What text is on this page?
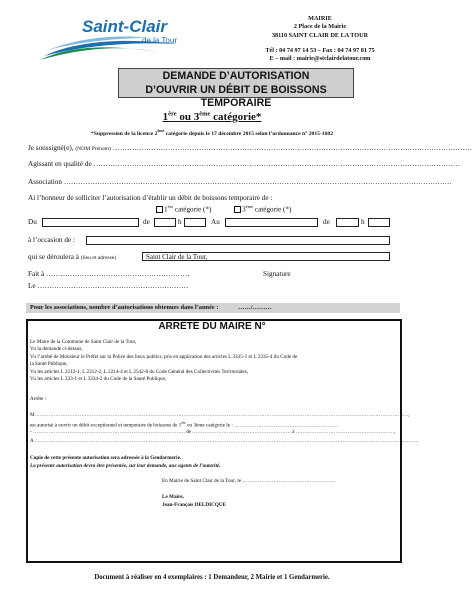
Saint-Clair
de la Tour
MAIRIE
2 Place de la Mairie
38110 SAINT CLAIR DE LA TOUR
Tél : 04 74 97 14 53 – Fax : 04 74 97 81 75
E – mail : mairie@stclairdelatour.com
DEMANDE D’AUTORISATION
D’OUVRIR UN DÉBIT DE BOISSONS TEMPORAIRE
1ère ou 3ème catégorie*
*Suppression de la licence 2ème catégorie depuis le 17 décembre 2015 selon l’ordonnance n° 2015-1682
Je soussigné(e), (NOM Prénom) ……………………………………………………………………………………………………………………………………
Agissant en qualité de ………………………………………………………………………………………………………………………………………
Association ………………………………………………………………………………………………………………………………………………
Ai l’honneur de solliciter l’autorisation d’établir un débit de boissons temporaire de :
1ère catégorie (*)	3ème catégorie (*)
Du	de	h	Au	de	h
à l’occasion de :
qui se déroulera à (lieu et adresse)	Saint Clair de la Tour,
Fait à ……………………………………………………	Signature
Le ………………………………………………………
Pour les associations, nombre d’autorisations obtenues dans l’année :	……/………
ARRÊTÉ DU MAIRE N°
Le Maire de la Commune de Saint Clair de la Tour,
Vu la demande ci-dessus,
Vu l’arrêté de Monsieur le Préfet sur la Police des lieux publics, pris en application des articles L 3335-1 et L 3335-4 du Code de
la Santé Publique,
Vu les articles L 2212-1, L 2212-2, L 2214-4 et L 2542-8 du Code Général des Collectivités Territoriales,
Vu les articles L 333-1 et L 3334-2 du Code de la Santé Publique,
Arrête :
M………………………………………………………………………………………………………………………………………………………………………………………………,
est autorisé à ouvrir un débit exceptionnel et temporaire de boissons de 1ère ou 3ème catégorie le : ……………………………………………………
- ……………………………………………………………………………, de ………………………………………………… à …………………………………………………,
A ……………………………………………………………………………………………………………………………………………………………………………………………………
Copie de cette présente autorisation sera adressée à la Gendarmerie.
La présente autorisation devra être présentée, sur leur demande, aux agents de l’autorité.
En Mairie de Saint Clair de la Tour, le ………………………………………………
Le Maire,
Jean-François DELDICQUE
Document à réaliser en 4 exemplaires : 1 Demandeur, 2 Mairie et 1 Gendarmerie.
